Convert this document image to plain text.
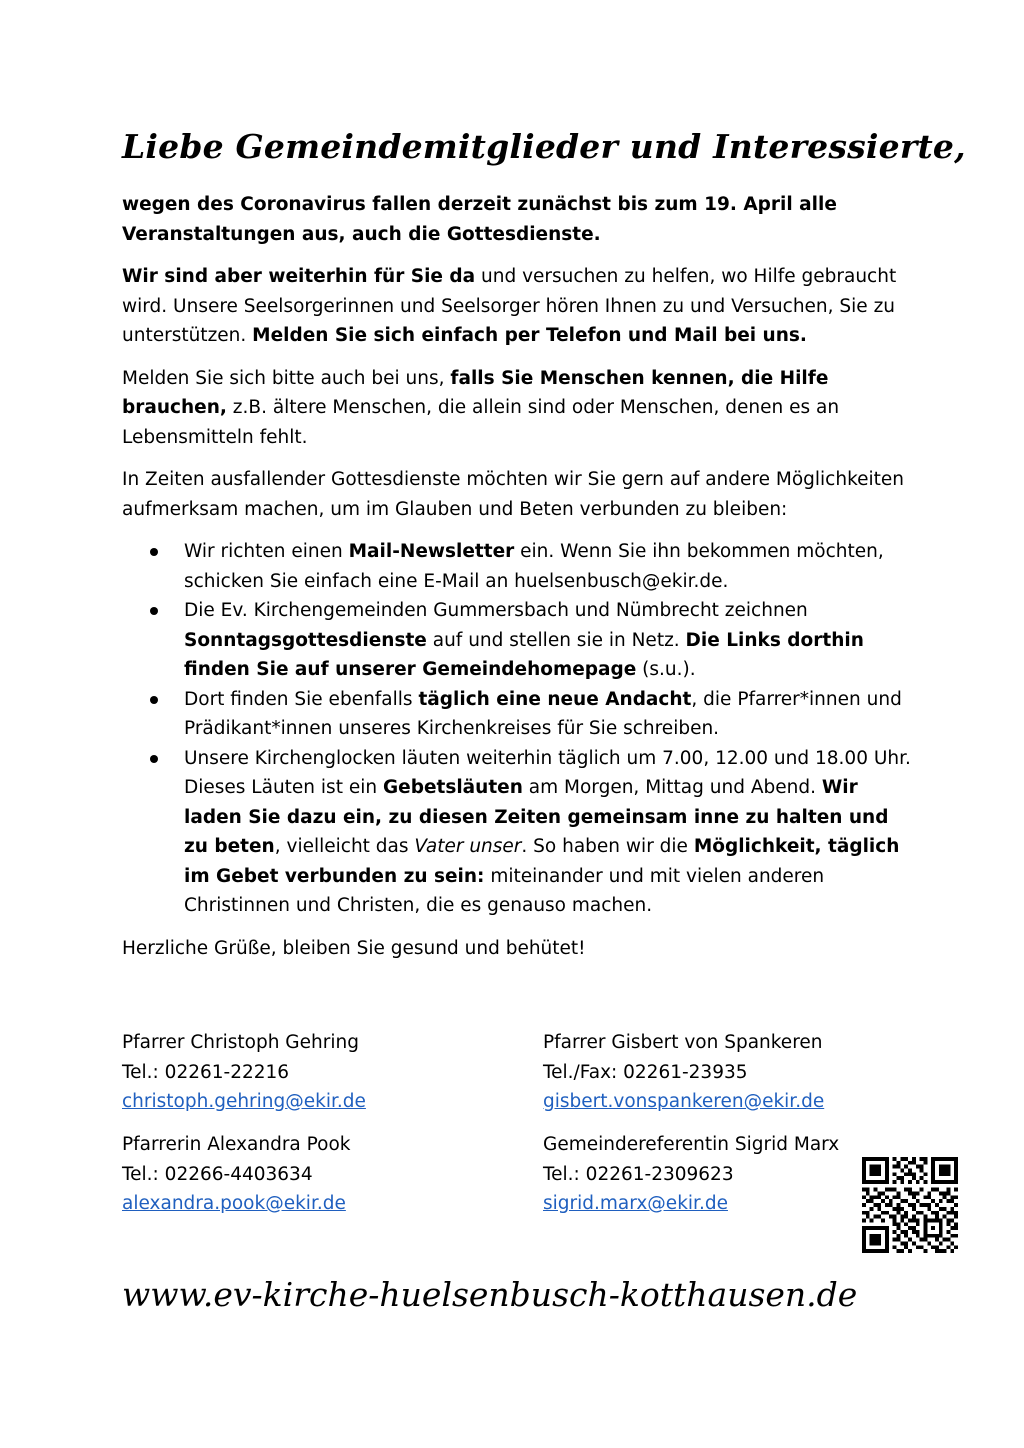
Liebe Gemeindemitglieder und Interessierte,

wegen des Coronavirus fallen derzeit zunächst bis zum 19. April alle Veranstaltungen aus, auch die Gottesdienste.

Wir sind aber weiterhin für Sie da und versuchen zu helfen, wo Hilfe gebraucht wird. Unsere Seelsorgerinnen und Seelsorger hören Ihnen zu und Versuchen, Sie zu unterstützen. Melden Sie sich einfach per Telefon und Mail bei uns.

Melden Sie sich bitte auch bei uns, falls Sie Menschen kennen, die Hilfe brauchen, z.B. ältere Menschen, die allein sind oder Menschen, denen es an Lebensmitteln fehlt.

In Zeiten ausfallender Gottesdienste möchten wir Sie gern auf andere Möglichkeiten aufmerksam machen, um im Glauben und Beten verbunden zu bleiben:

Wir richten einen Mail-Newsletter ein. Wenn Sie ihn bekommen möchten, schicken Sie einfach eine E-Mail an huelsenbusch@ekir.de.
Die Ev. Kirchengemeinden Gummersbach und Nümbrecht zeichnen Sonntagsgottesdienste auf und stellen sie in Netz. Die Links dorthin finden Sie auf unserer Gemeindehomepage (s.u.).
Dort finden Sie ebenfalls täglich eine neue Andacht, die Pfarrer*innen und Prädikant*innen unseres Kirchenkreises für Sie schreiben.
Unsere Kirchenglocken läuten weiterhin täglich um 7.00, 12.00 und 18.00 Uhr. Dieses Läuten ist ein Gebetsläuten am Morgen, Mittag und Abend. Wir laden Sie dazu ein, zu diesen Zeiten gemeinsam inne zu halten und zu beten, vielleicht das Vater unser. So haben wir die Möglichkeit, täglich im Gebet verbunden zu sein: miteinander und mit vielen anderen Christinnen und Christen, die es genauso machen.

Herzliche Grüße, bleiben Sie gesund und behütet!

Pfarrer Christoph Gehring
Tel.: 02261-22216
christoph.gehring@ekir.de
Pfarrer Gisbert von Spankeren
Tel./Fax: 02261-23935
gisbert.vonspankeren@ekir.de
Pfarrerin Alexandra Pook
Tel.: 02266-4403634
alexandra.pook@ekir.de
Gemeindereferentin Sigrid Marx
Tel.: 02261-2309623
sigrid.marx@ekir.de
www.ev-kirche-huelsenbusch-kotthausen.de
